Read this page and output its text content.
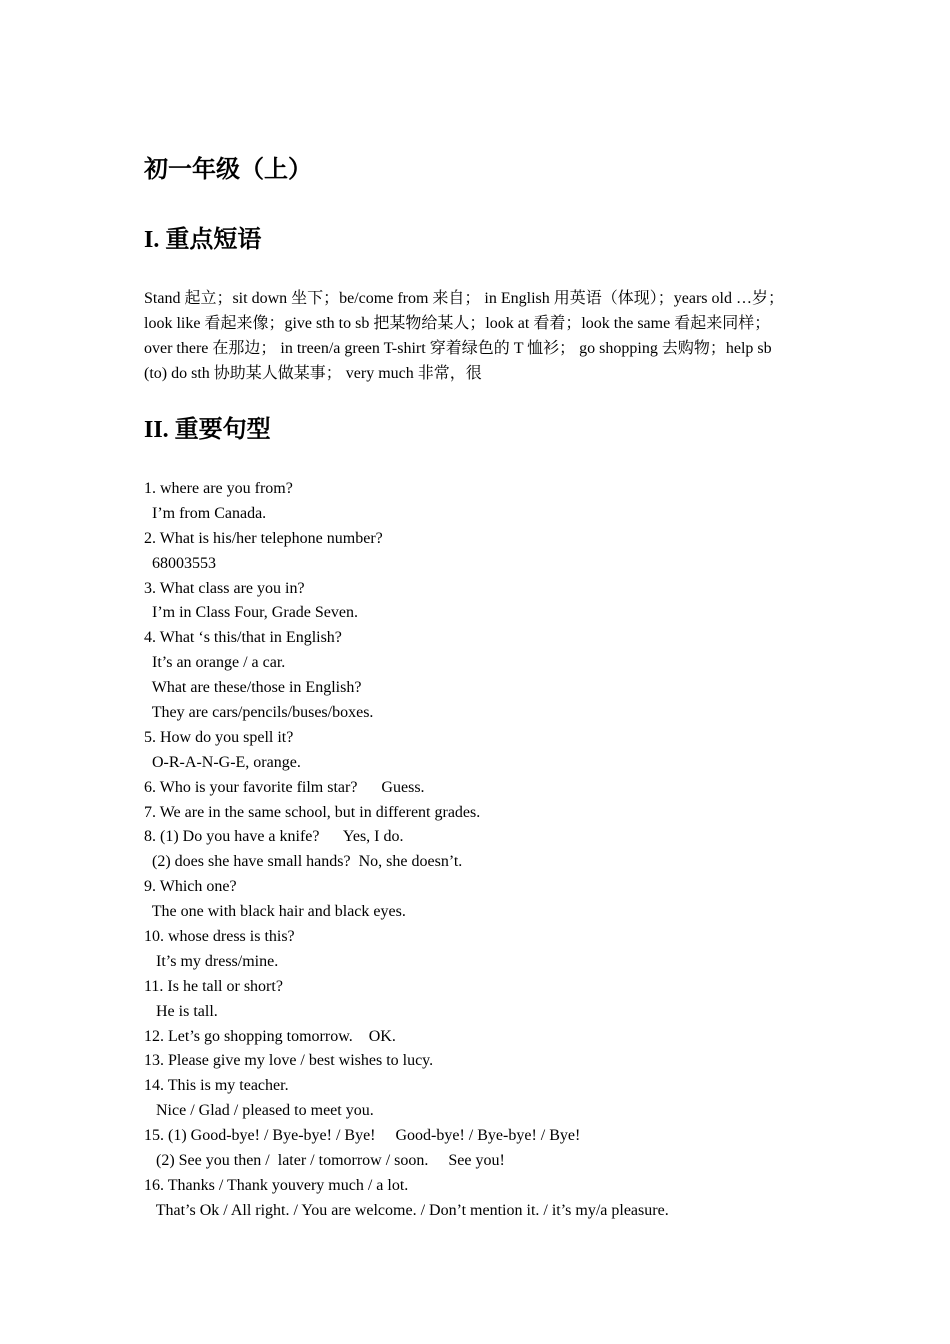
初一年级（上）
I. 重点短语
Stand 起立；sit down 坐下；be/come from 来自； in English 用英语（体现）；years old …岁；
look like 看起来像；give sth to sb 把某物给某人；look at 看着；look the same 看起来同样；
over there 在那边； in treen/a green T-shirt 穿着绿色的 T 恤衫； go shopping 去购物；help sb
(to) do sth 协助某人做某事； very much 非常，很
II. 重要句型
1. where are you from?
I’m from Canada.
2. What is his/her telephone number?
68003553
3. What class are you in?
I’m in Class Four, Grade Seven.
4. What ‘s this/that in English?
It’s an orange / a car.
What are these/those in English?
They are cars/pencils/buses/boxes.
5. How do you spell it?
O-R-A-N-G-E, orange.
6. Who is your favorite film star?      Guess.
7. We are in the same school, but in different grades.
8. (1) Do you have a knife?      Yes, I do.
(2) does she have small hands?  No, she doesn’t.
9. Which one?
The one with black hair and black eyes.
10. whose dress is this?
It’s my dress/mine.
11. Is he tall or short?
He is tall.
12. Let’s go shopping tomorrow.    OK.
13. Please give my love / best wishes to lucy.
14. This is my teacher.
Nice / Glad / pleased to meet you.
15. (1) Good-bye! / Bye-bye! / Bye!     Good-bye! / Bye-bye! / Bye!
(2) See you then /  later / tomorrow / soon.     See you!
16. Thanks / Thank youvery much / a lot.
That’s Ok / All right. / You are welcome. / Don’t mention it. / it’s my/a pleasure.
